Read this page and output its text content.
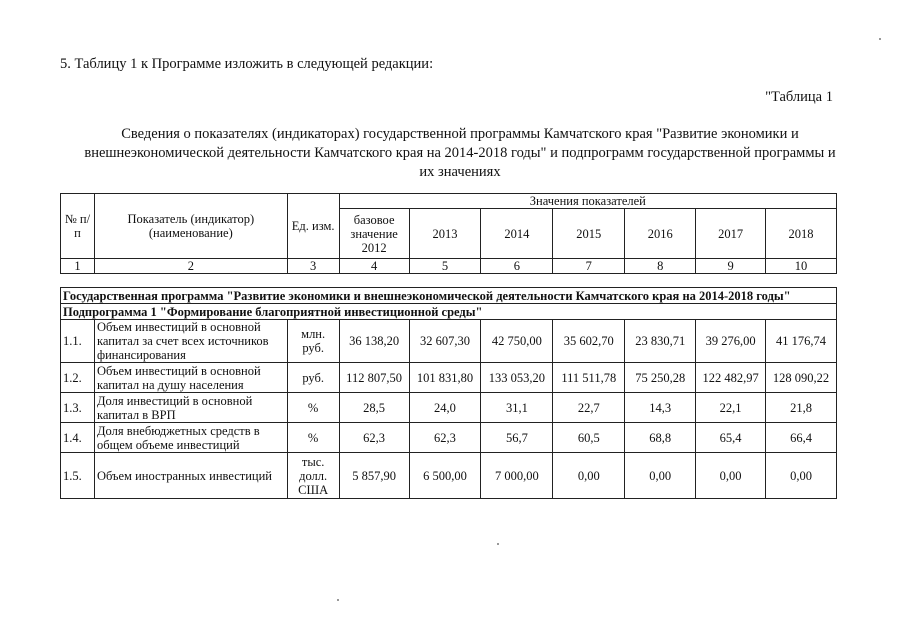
5. Таблицу 1 к Программе изложить в следующей редакции:
"Таблица 1
Сведения о показателях (индикаторах) государственной программы Камчатского края "Развитие экономики и внешнеэкономической деятельности Камчатского края на 2014-2018 годы" и подпрограмм государственной программы и их значениях
№ п/п	Показатель (индикатор) (наименование)	Ед. изм.	Значения показателей						
			базовое значение 2012	2013	2014	2015	2016	2017	2018
1	2	3	4	5	6	7	8	9	10
Государственная программа "Развитие экономики и внешнеэкономической деятельности Камчатского края на 2014-2018 годы"									
Подпрограмма 1 "Формирование благоприятной инвестиционной среды"									
1.1.	Объем инвестиций в основной капитал за счет всех источников финансирования	млн. руб.	36 138,20	32 607,30	42 750,00	35 602,70	23 830,71	39 276,00	41 176,74
1.2.	Объем инвестиций в основной капитал на душу населения	руб.	112 807,50	101 831,80	133 053,20	111 511,78	75 250,28	122 482,97	128 090,22
1.3.	Доля инвестиций в основной капитал в ВРП	%	28,5	24,0	31,1	22,7	14,3	22,1	21,8
1.4.	Доля внебюджетных средств в общем объеме инвестиций	%	62,3	62,3	56,7	60,5	68,8	65,4	66,4
1.5.	Объем иностранных инвестиций	тыс. долл. США	5 857,90	6 500,00	7 000,00	0,00	0,00	0,00	0,00
